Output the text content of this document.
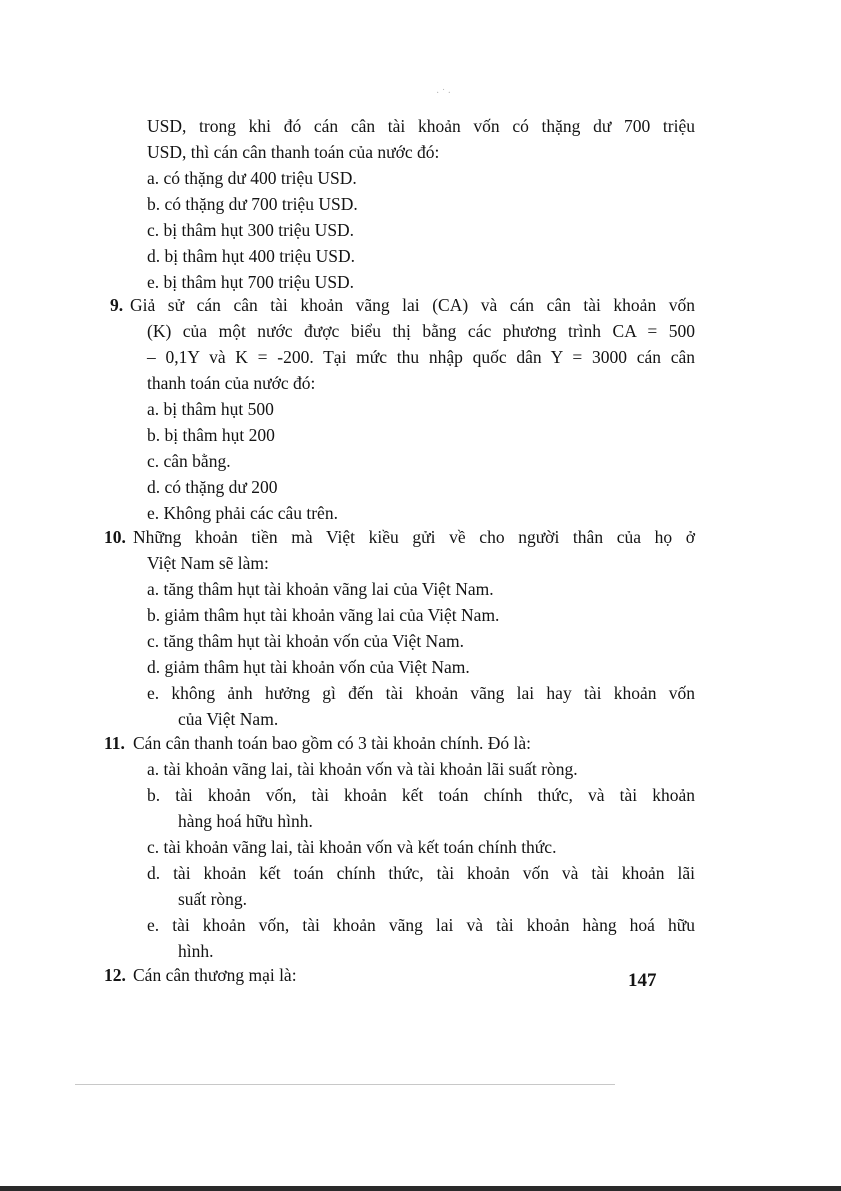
· ˙ ·
USD, trong khi đó cán cân tài khoản vốn có thặng dư 700 triệu
USD, thì cán cân thanh toán của nước đó:
a. có thặng dư 400 triệu USD.
b. có thặng dư 700 triệu USD.
c. bị thâm hụt 300 triệu USD.
d. bị thâm hụt 400 triệu USD.
e. bị thâm hụt 700 triệu USD.
9. Giả sử cán cân tài khoản vãng lai (CA) và cán cân tài khoản vốn
(K) của một nước được biểu thị bằng các phương trình CA = 500
– 0,1Y và K = -200. Tại mức thu nhập quốc dân Y = 3000 cán cân
thanh toán của nước đó:
a. bị thâm hụt 500
b. bị thâm hụt 200
c. cân bằng.
d. có thặng dư 200
e. Không phải các câu trên.
10. Những khoản tiền mà Việt kiều gửi về cho người thân của họ ở
Việt Nam sẽ làm:
a. tăng thâm hụt tài khoản vãng lai của Việt Nam.
b. giảm thâm hụt tài khoản vãng lai của Việt Nam.
c. tăng thâm hụt tài khoản vốn của Việt Nam.
d. giảm thâm hụt tài khoản vốn của Việt Nam.
e. không ảnh hưởng gì đến tài khoản vãng lai hay tài khoản vốn
của Việt Nam.
11. Cán cân thanh toán bao gồm có 3 tài khoản chính. Đó là:
a. tài khoản vãng lai, tài khoản vốn và tài khoản lãi suất ròng.
b. tài khoản vốn, tài khoản kết toán chính thức, và tài khoản
hàng hoá hữu hình.
c. tài khoản vãng lai, tài khoản vốn và kết toán chính thức.
d. tài khoản kết toán chính thức, tài khoản vốn và tài khoản lãi
suất ròng.
e. tài khoản vốn, tài khoản vãng lai và tài khoản hàng hoá hữu
hình.
12. Cán cân thương mại là:	147
